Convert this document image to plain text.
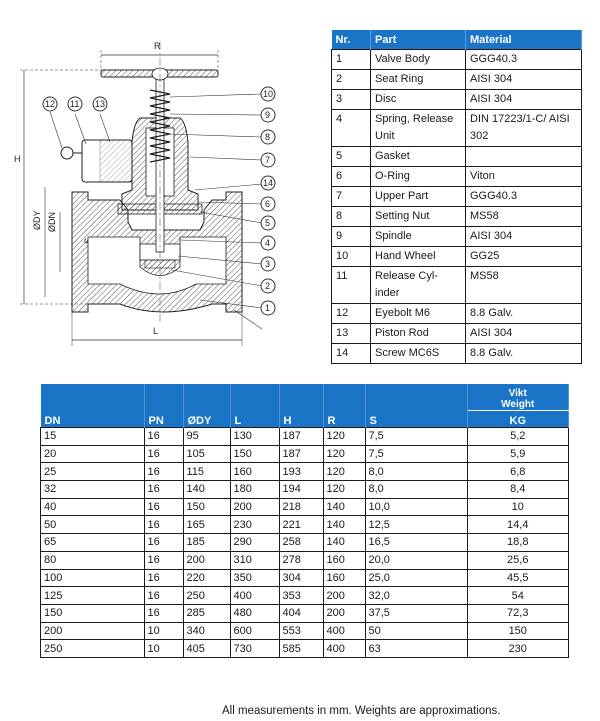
R
H
ØDY ØDN
L
10
9
8
7
14
6
5
4
3
2
1
12 11 13
Nr.	Part	Material
1	Valve Body	GGG40.3
2	Seat Ring	AISI 304
3	Disc	AISI 304
4	Spring, Release Unit	DIN 17223/1-C/ AISI 302
5	Gasket	
6	O-Ring	Viton
7	Upper Part	GGG40.3
8	Setting Nut	MS58
9	Spindle	AISI 304
10	Hand Wheel	GG25
11	Release Cyl- inder	MS58
12	Eyebolt M6	8.8 Galv.
13	Piston Rod	AISI 304
14	Screw MC6S	8.8 Galv.
DN	PN	ØDY	L	H	R	S	Vikt
Weight

							KG
15	16	95	130	187	120	7,5	5,2
20	16	105	150	187	120	7,5	5,9
25	16	115	160	193	120	8,0	6,8
32	16	140	180	194	120	8,0	8,4
40	16	150	200	218	140	10,0	10
50	16	165	230	221	140	12,5	14,4
65	16	185	290	258	140	16,5	18,8
80	16	200	310	278	160	20,0	25,6
100	16	220	350	304	160	25,0	45,5
125	16	250	400	353	200	32,0	54
150	16	285	480	404	200	37,5	72,3
200	10	340	600	553	400	50	150
250	10	405	730	585	400	63	230
All measurements in mm. Weights are approximations.
